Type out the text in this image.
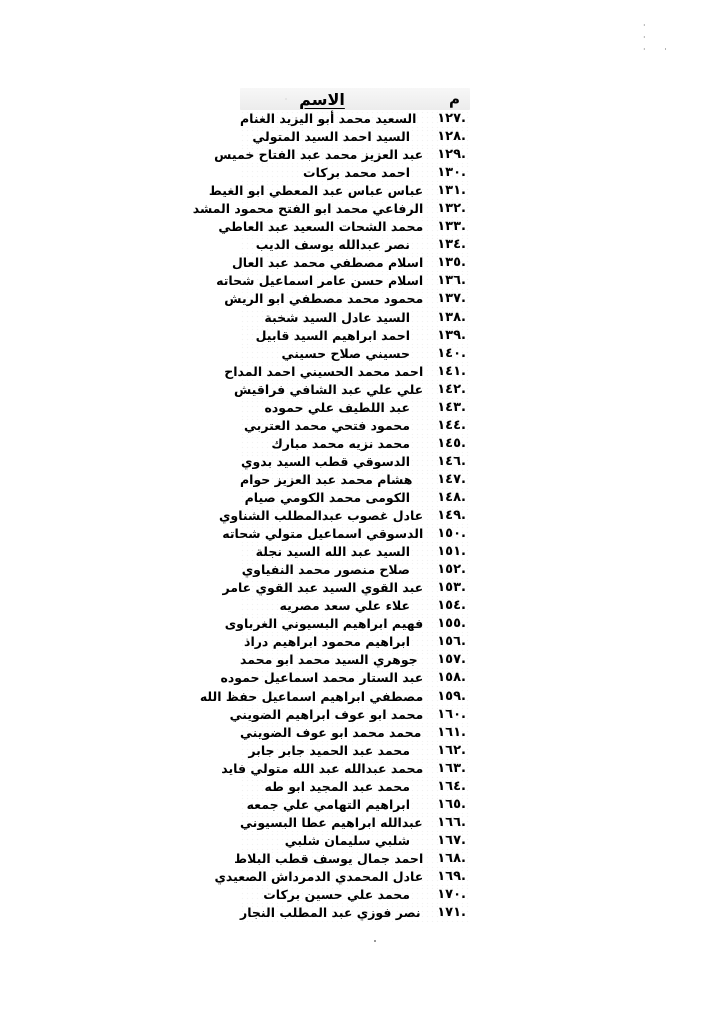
·
·
· ·
م
الاسم
١٢٧.
السعيد محمد أبو اليزيد الغنام
١٢٨.
السيد احمد السيد المتولي
١٢٩.
عبد العزيز محمد عبد الفتاح خميس
١٣٠.
احمد محمد بركات
١٣١.
عباس عباس عبد المعطي ابو الغيط
١٣٢.
الرفاعي محمد ابو الفتح محمود المشد
١٣٣.
محمد الشحات السعيد عبد العاطي
١٣٤.
نصر عبدالله يوسف الديب
١٣٥.
اسلام مصطفي محمد عبد العال
١٣٦.
اسلام حسن عامر اسماعيل شحاته
١٣٧.
محمود محمد مصطفي ابو الريش
١٣٨.
السيد عادل السيد شخبة
١٣٩.
احمد ابراهيم السيد قابيل
١٤٠.
حسيني صلاح حسيني
١٤١.
احمد محمد الحسيني احمد المداح
١٤٢.
علي علي عبد الشافي فراقيش
١٤٣.
عبد اللطيف علي حموده
١٤٤.
محمود فتحي محمد العتربي
١٤٥.
محمد نزيه محمد مبارك
١٤٦.
الدسوقي قطب السيد بدوي
١٤٧.
هشام محمد عبد العزيز حوام
١٤٨.
الكومى محمد الكومي صيام
١٤٩.
عادل غصوب عبدالمطلب الشناوي
١٥٠.
الدسوقي اسماعيل متولي شحاته
١٥١.
السيد عبد الله السيد نجلة
١٥٢.
صلاح منصور محمد النفياوي
١٥٣.
عبد القوي السيد عبد القوي عامر
١٥٤.
علاء علي سعد مصريه
١٥٥.
فهيم ابراهيم البسيوني الغرباوى
١٥٦.
ابراهيم محمود ابراهيم دراذ
١٥٧.
جوهري السيد محمد ابو محمد
١٥٨.
عبد الستار محمد اسماعيل حموده
١٥٩.
مصطفي ابراهيم اسماعيل حفظ الله
١٦٠.
محمد ابو عوف ابراهيم الضويني
١٦١.
محمد محمد ابو عوف الضويني
١٦٢.
محمد عبد الحميد جابر جابر
١٦٣.
محمد عبدالله عبد الله متولي فايد
١٦٤.
محمد عبد المجيد ابو طه
١٦٥.
ابراهيم التهامي علي جمعه
١٦٦.
عبدالله ابراهيم عطا البسيوني
١٦٧.
شلبي سليمان شلبي
١٦٨.
احمد جمال يوسف قطب البلاط
١٦٩.
عادل المحمدي الدمرداش الصعيدي
١٧٠.
محمد علي حسين بركات
١٧١.
نصر فوزي عبد المطلب النجار
